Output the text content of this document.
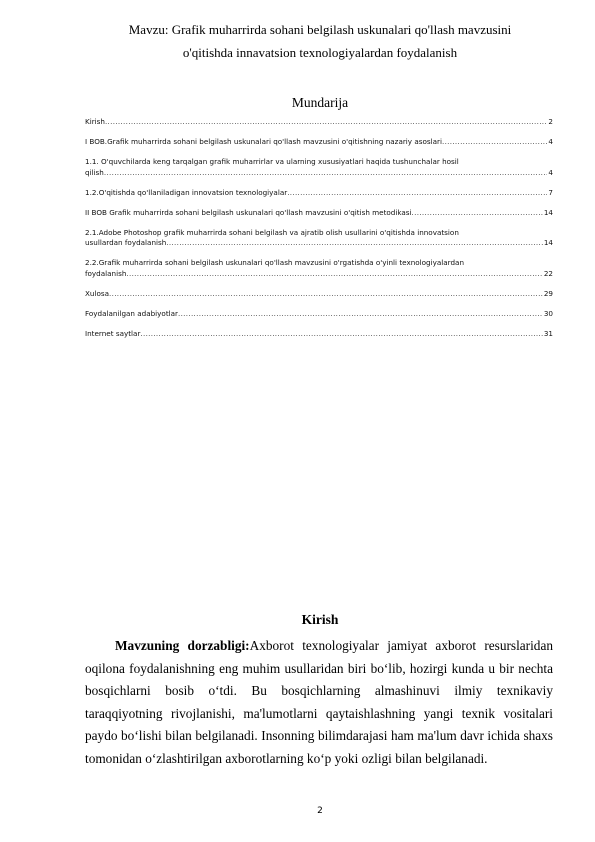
Mavzu: Grafik muharrirda sohani belgilash uskunalari qo'llash mavzusini
o'qitishda innavatsion texnologiyalardan foydalanish
Mundarija
Kirish .....	2
I BOB.Grafik muharrirda sohani belgilash uskunalari qo'llash mavzusini o'qitishning nazariy asoslari .....	4
1.1. O'quvchilarda keng tarqalgan grafik muharrirlar va ularning xususiyatlari haqida tushunchalar hosil
qilish .....	4
1.2.O'qitishda qo'llaniladigan innovatsion texnologiyalar .....	7
II BOB Grafik muharrirda sohani belgilash uskunalari qo'llash mavzusini o'qitish metodikasi .....	14
2.1.Adobe Photoshop grafik muharrirda sohani belgilash va ajratib olish usullarini o'qitishda innovatsion
usullardan foydalanish .....	14
2.2.Grafik muharrirda sohani belgilash uskunalari qo'llash mavzusini o'rgatishda o'yinli texnologiyalardan
foydalanish .....	22
Xulosa .....	29
Foydalanilgan adabiyotlar .....	30
Internet saytlar .....	31
Kirish
Mavzuning dorzabligi:Axborot texnologiyalar jamiyat axborot resurslaridan oqilona foydalanishning eng muhim usullaridan biri bo‘lib, hozirgi kunda u bir nechta bosqichlarni bosib o‘tdi. Bu bosqichlarning almashinuvi ilmiy texnikaviy taraqqiyotning rivojlanishi, ma'lumotlarni qaytaishlashning yangi texnik vositalari paydo bo‘lishi bilan belgilanadi. Insonning bilimdarajasi ham ma'lum davr ichida shaxs tomonidan o‘zlashtirilgan axborotlarning ko‘p yoki ozligi bilan belgilanadi.
2
